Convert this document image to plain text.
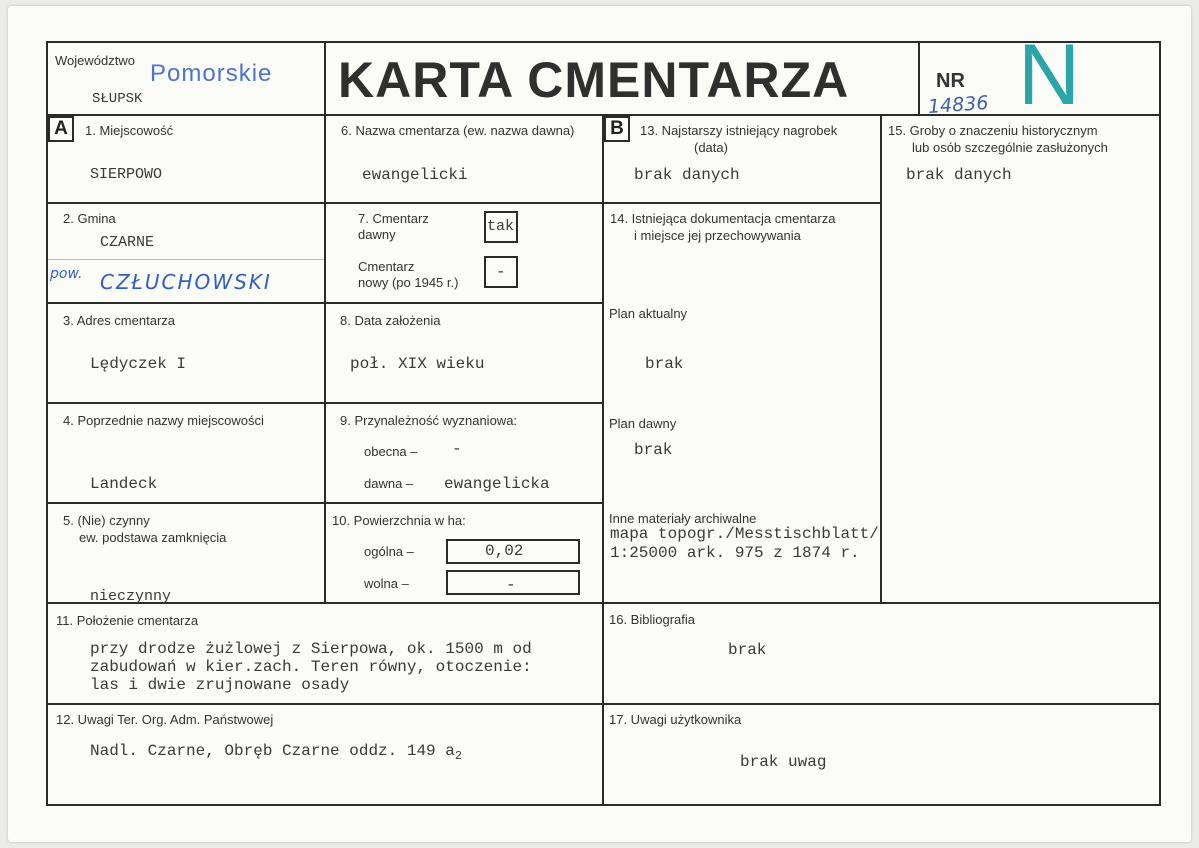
Województwo Pomorskie
SŁUPSK	KARTA CMENTARZA	NR
14836 N
A	B
1. Miejscowość
SIERPOWO
6. Nazwa cmentarza (ew. nazwa dawna)
ewangelicki
13. Najstarszy istniejący nagrobek
(data)
brak danych
15. Groby o znaczeniu historycznym
lub osób szczególnie zasłużonych
brak danych
2. Gmina
CZARNE
pow. CZŁUCHOWSKI
7. Cmentarz
dawny	tak
Cmentarz
nowy (po 1945 r.)
-
14. Istniejąca dokumentacja cmentarza
i miejsce jej przechowywania
3. Adres cmentarza
Lędyczek I
8. Data założenia
poł. XIX wieku
Plan aktualny
brak
4. Poprzednie nazwy miejscowości
Landeck
9. Przynależność wyznaniowa:
obecna – -
dawna – ewangelicka
Plan dawny
brak
5. (Nie) czynny
ew. podstawa zamknięcia
nieczynny
10. Powierzchnia w ha:
ogólna –	0,02
wolna –	-
Inne materiały archiwalne
mapa topogr./Messtischblatt/
1:25000 ark. 975 z 1874 r.
11. Położenie cmentarza
przy drodze żużlowej z Sierpowa, ok. 1500 m od
zabudowań w kier.zach. Teren równy, otoczenie:
las i dwie zrujnowane osady
16. Bibliografia
brak
12. Uwagi Ter. Org. Adm. Państwowej
Nadl. Czarne, Obręb Czarne oddz. 149 $a_2$
17. Uwagi użytkownika
brak uwag
